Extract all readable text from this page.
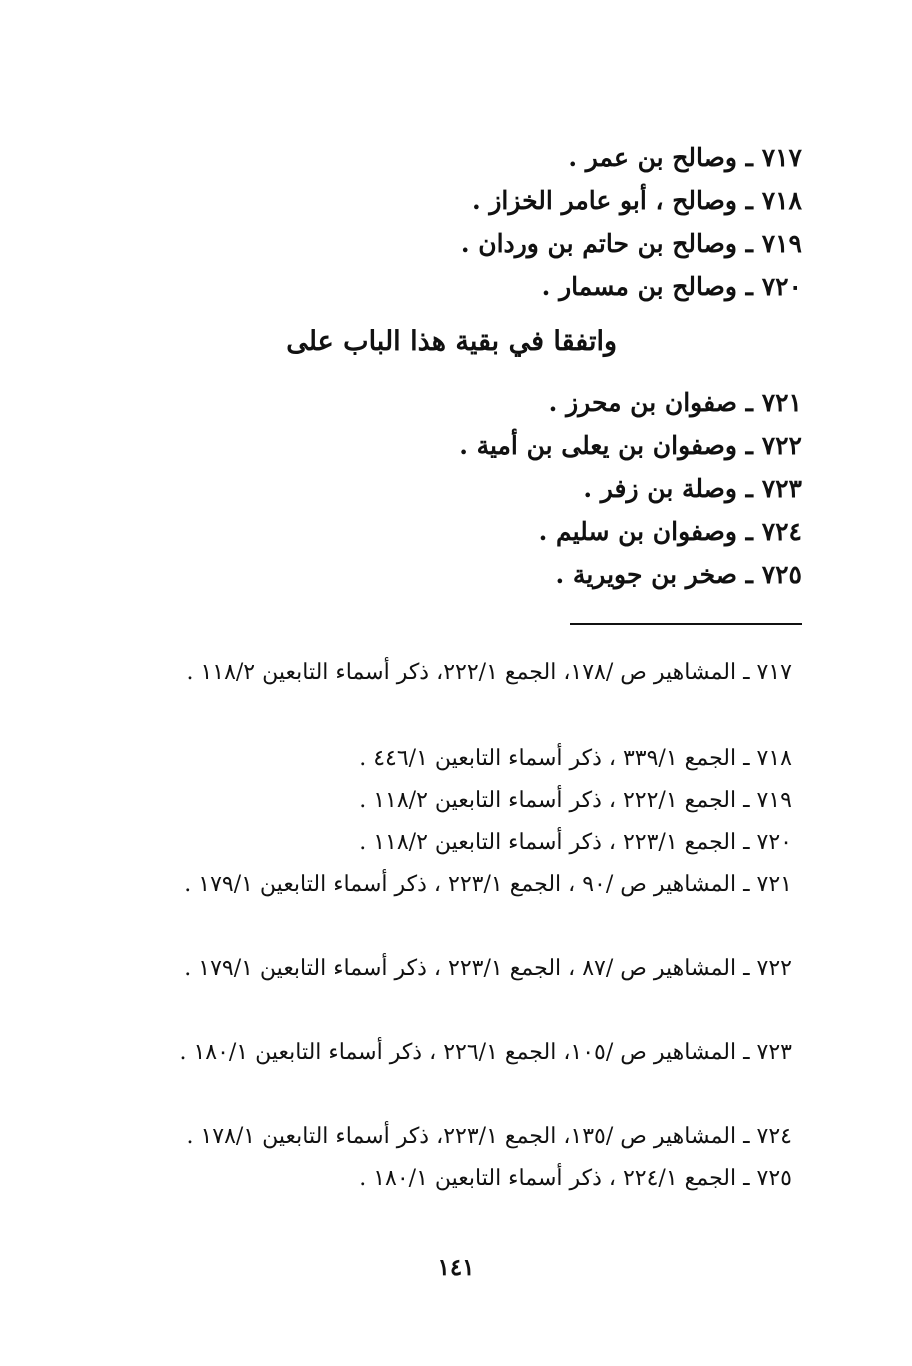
٧١٧ ـ وصالح بن عمر .
٧١٨ ـ وصالح ، أبو عامر الخزاز .
٧١٩ ـ وصالح بن حاتم بن وردان .
٧٢٠ ـ وصالح بن مسمار .
واتفقا في بقية هذا الباب على
٧٢١ ـ صفوان بن محرز .
٧٢٢ ـ وصفوان بن يعلى بن أمية .
٧٢٣ ـ وصلة بن زفر .
٧٢٤ ـ وصفوان بن سليم .
٧٢٥ ـ صخر بن جويرية .
٧١٧ ـ المشاهير ص /١٧٨، الجمع ٢٢٢/١، ذكر أسماء التابعين ١١٨/٢ .
٧١٨ ـ الجمع ٣٣٩/١ ، ذكر أسماء التابعين ٤٤٦/١ .
٧١٩ ـ الجمع ٢٢٢/١ ، ذكر أسماء التابعين ١١٨/٢ .
٧٢٠ ـ الجمع ٢٢٣/١ ، ذكر أسماء التابعين ١١٨/٢ .
٧٢١ ـ المشاهير ص /٩٠ ، الجمع ٢٢٣/١ ، ذكر أسماء التابعين ١٧٩/١ .
٧٢٢ ـ المشاهير ص /٨٧ ، الجمع ٢٢٣/١ ، ذكر أسماء التابعين ١٧٩/١ .
٧٢٣ ـ المشاهير ص /١٠٥، الجمع ٢٢٦/١ ، ذكر أسماء التابعين ١٨٠/١ .
٧٢٤ ـ المشاهير ص /١٣٥، الجمع ٢٢٣/١، ذكر أسماء التابعين ١٧٨/١ .
٧٢٥ ـ الجمع ٢٢٤/١ ، ذكر أسماء التابعين ١٨٠/١ .
١٤١
